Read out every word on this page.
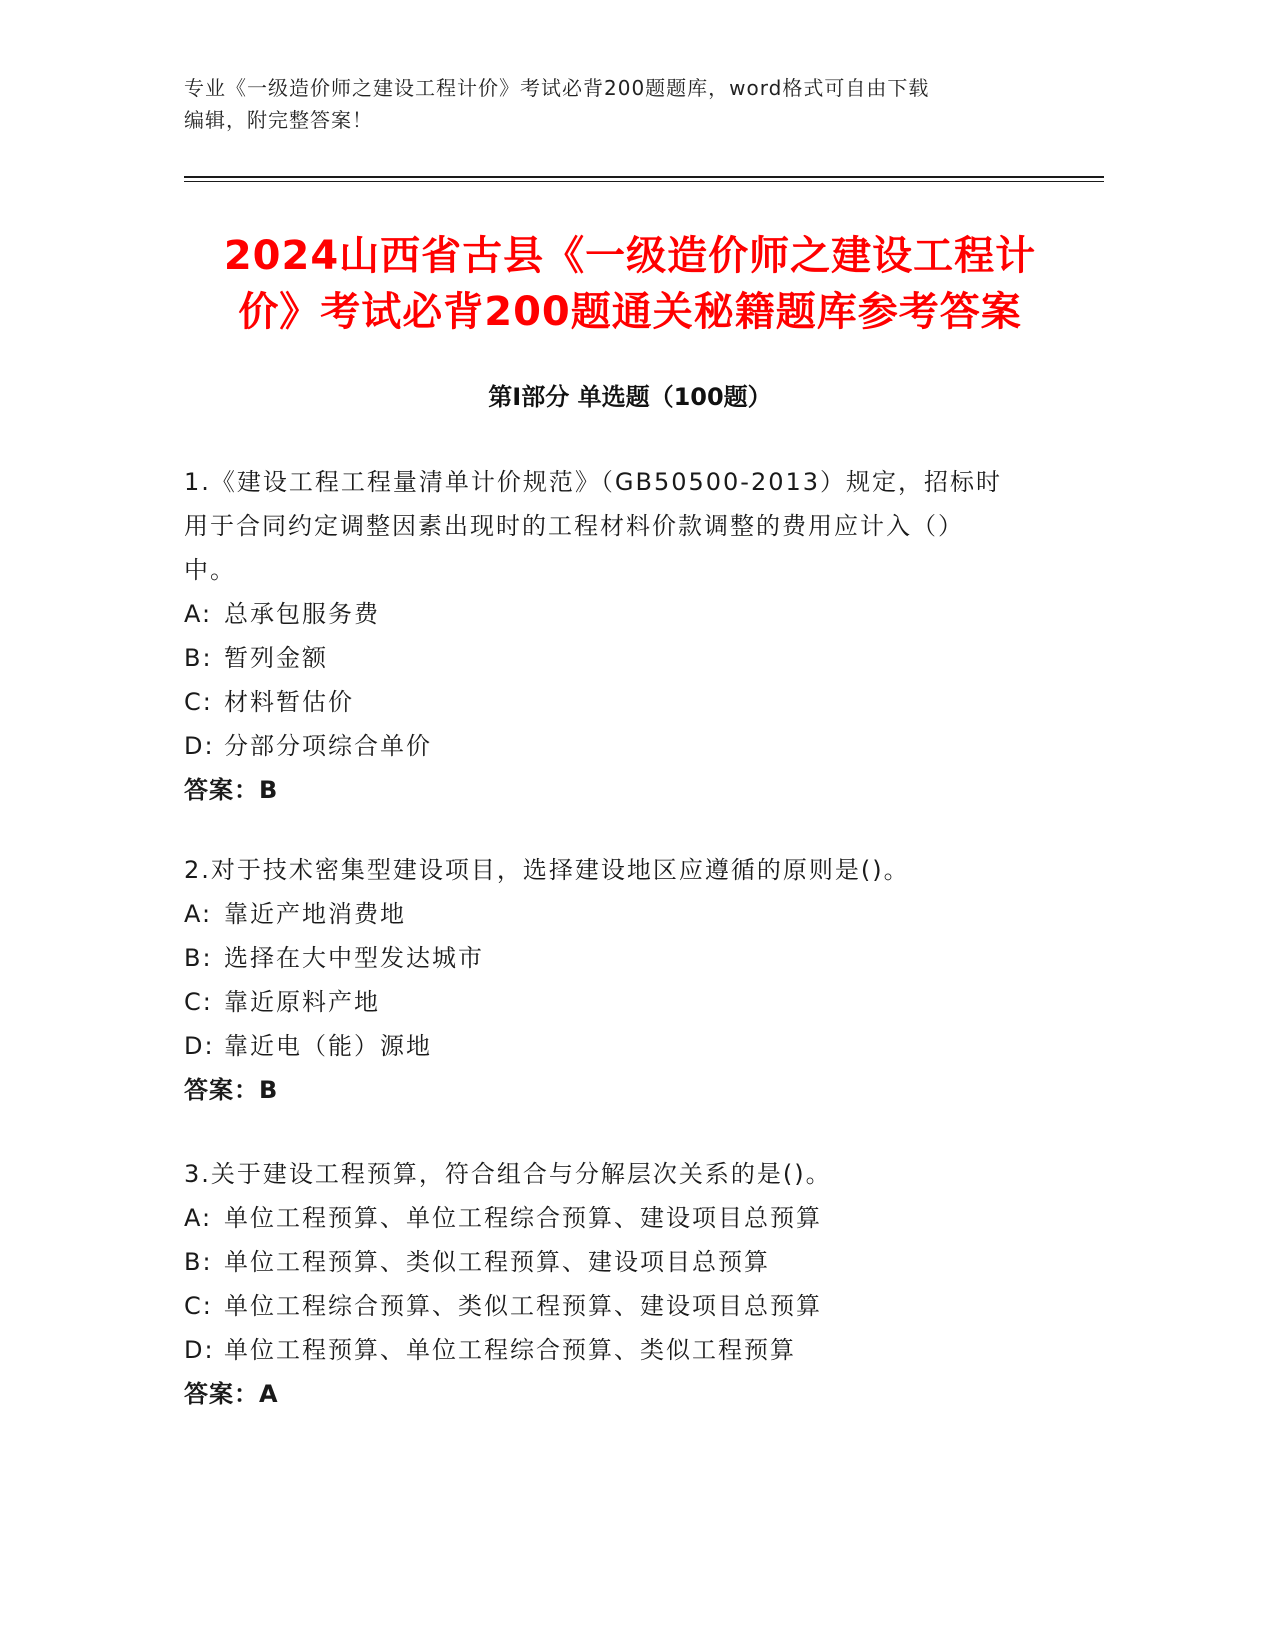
专业《一级造价师之建设工程计价》考试必背200题题库，word格式可自由下载
编辑，附完整答案！
2024山西省古县《一级造价师之建设工程计
价》考试必背200题通关秘籍题库参考答案
第Ⅰ部分 单选题（100题）
1.《建设工程工程量清单计价规范》（GB50500-2013）规定，招标时
用于合同约定调整因素出现时的工程材料价款调整的费用应计入（）
中。
A: 总承包服务费
B: 暂列金额
C: 材料暂估价
D: 分部分项综合单价
答案：B
2.对于技术密集型建设项目，选择建设地区应遵循的原则是()。
A: 靠近产地消费地
B: 选择在大中型发达城市
C: 靠近原料产地
D: 靠近电（能）源地
答案：B
3.关于建设工程预算，符合组合与分解层次关系的是()。
A: 单位工程预算、单位工程综合预算、建设项目总预算
B: 单位工程预算、类似工程预算、建设项目总预算
C: 单位工程综合预算、类似工程预算、建设项目总预算
D: 单位工程预算、单位工程综合预算、类似工程预算
答案：A
